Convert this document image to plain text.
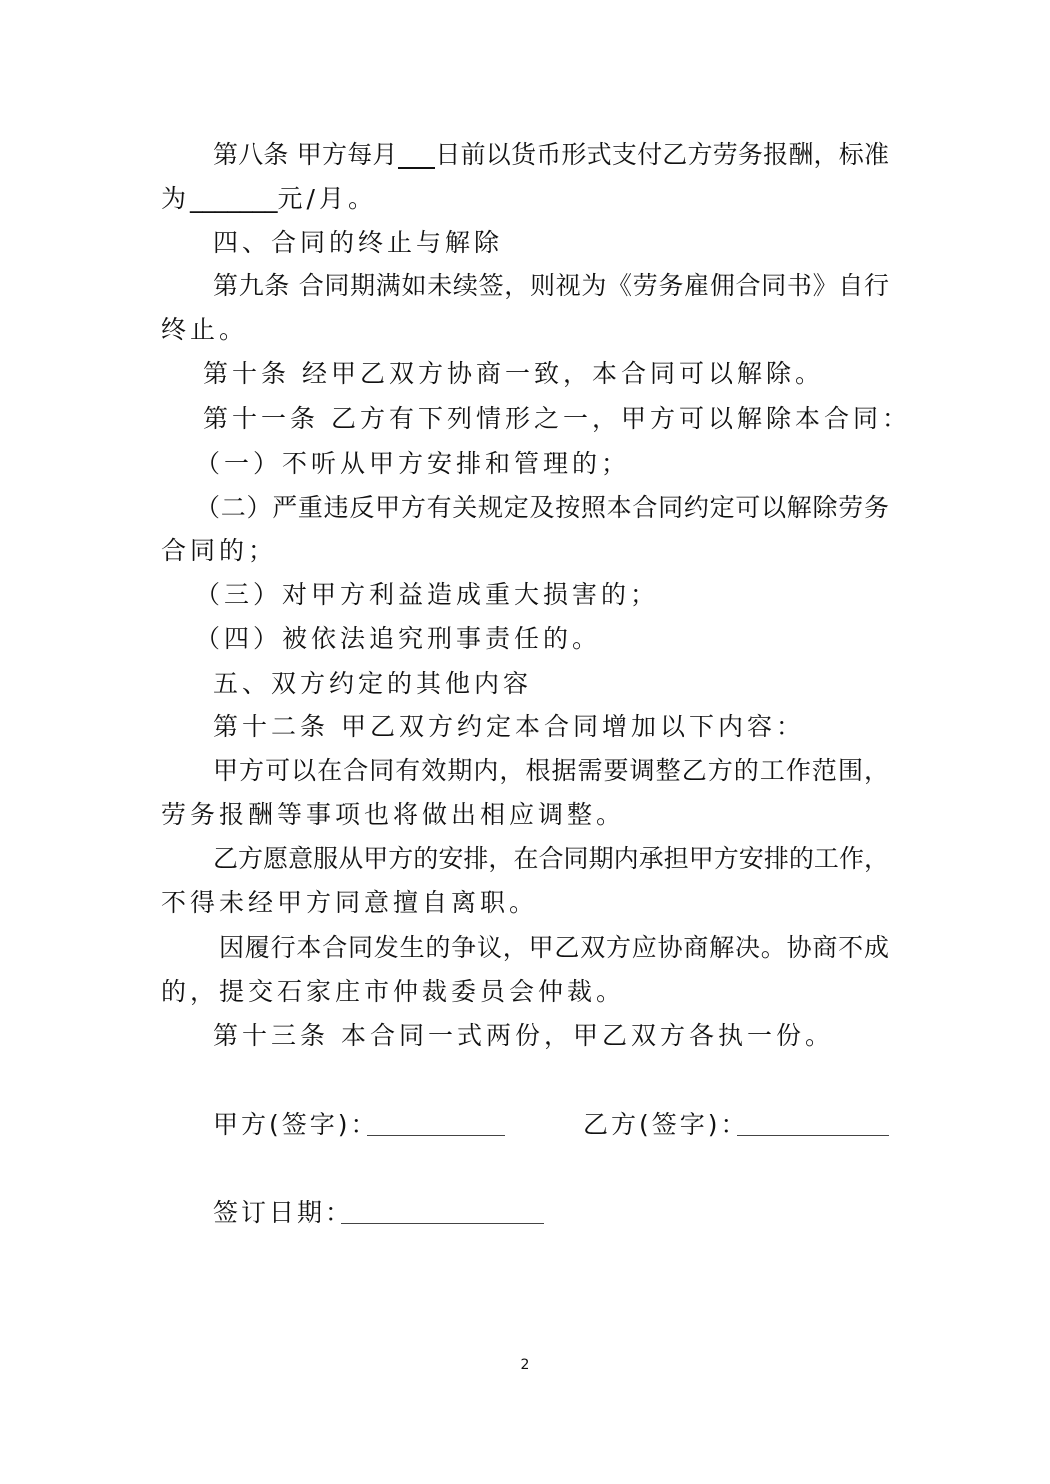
第八条 甲方每月   日前以货币形式支付乙方劳务报酬，标准
为_______元/月。
四、合同的终止与解除
第九条 合同期满如未续签，则视为《劳务雇佣合同书》自行
终止。
第十条 经甲乙双方协商一致，本合同可以解除。
第十一条 乙方有下列情形之一，甲方可以解除本合同：
（一）不听从甲方安排和管理的；
（二）严重违反甲方有关规定及按照本合同约定可以解除劳务
合同的；
（三）对甲方利益造成重大损害的；
（四）被依法追究刑事责任的。
五、双方约定的其他内容
第十二条 甲乙双方约定本合同增加以下内容：
甲方可以在合同有效期内，根据需要调整乙方的工作范围，
劳务报酬等事项也将做出相应调整。
乙方愿意服从甲方的安排，在合同期内承担甲方安排的工作，
不得未经甲方同意擅自离职。
因履行本合同发生的争议，甲乙双方应协商解决。协商不成
的，提交石家庄市仲裁委员会仲裁。
第十三条 本合同一式两份，甲乙双方各执一份。
甲方(签字)：	乙方(签字)：
签订日期：
2
